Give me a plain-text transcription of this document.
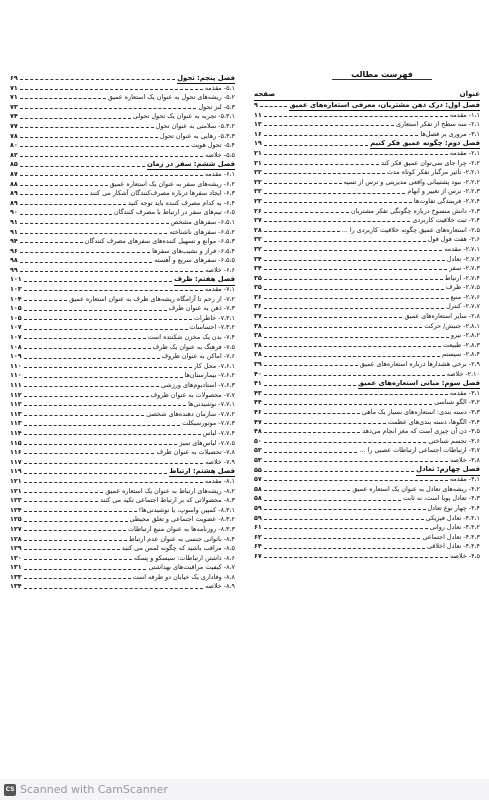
فهرست مطالب
عنوان
صفحه
فصل اول: درک ذهن مشتریان، معرفی استعاره‌های عمیق
۹
۱،۱- مقدمه
۱۱
۲،۱- سه سطح از تفکر استعاری
۱۲
۳،۱- مروری بر فصل‌ها
۱۶
فصل دوم: چگونه عمیق فکر کنیم
۱۹
۲،۱- مقدمه
۲۱
۲،۲- چرا جای سی‌توان عمیق فکر کند
۲۱
۲،۲،۱- تأثیر مرگبار تفکر کوتاه مدت
۲۲
۲،۲،۲- نبود پشتیبانی واقعی مدیریتی و ترس از تسیه
۲۲
۲،۲،۳- ترس از تغییر و ابهام
۲۲
۲،۲،۴- فریبندگی تفاوت‌ها
۲۳
۲،۳- دانش منسوخ درباره چگونگی تفکر مشتریان
۲۶
۲،۴- ثبت خلاقیت کاربردی
۲۷
۲،۵- استعاره‌های عمیق چگونه خلاقیت کاربردی را ...
۲۸
۲،۶- هفت فول فول
۳۲
۲،۷،۱- مقدمه
۳۲
۲،۷،۲- تعادل
۳۴
۲،۷،۳- سفر
۳۴
۲،۷،۴- ارتباط
۳۵
۲،۷،۵- ظرف
۳۵
۲،۷،۶- منبع
۳۶
۲،۷،۷- کنترل
۳۶
۲،۸- سایر استعاره‌های عمیق
۳۷
۲،۸،۱- جنبش/ حرکت
۳۸
۲،۸،۲- نیرو
۳۸
۲،۸،۳- طبیعت
۳۸
۲،۸،۴- سیستم
۳۸
۲،۹- برخی هشدارها درباره استعاره‌های عمیق
۳۹
۲،۱۰- خلاصه
۴۰
فصل سوم: مبانی استعاره‌های عمیق
۴۱
۳،۱- مقدمه
۴۳
۳،۲- الگو شناسی
۴۴
۳،۳- دسته بندی: استعاره‌های بسیار یک ماهی
۴۶
۳،۴- الگوها، دسته بندی‌های عظمت
۴۷
۳،۵- ذن آن چیزی است که مغز انجام می‌دهد
۴۸
۳،۶- تجسم شناختی
۵۰
۳،۷- ارتباطات اجتماعی ارتباطات عصبی را ...
۵۲
۳،۸- خلاصه
۵۳
فصل چهارم: تعادل
۵۵
۴،۱- مقدمه
۵۷
۴،۲- ریشه‌های تعادل به عنوان یک استعاره عمیق
۵۸
۴،۳- تعادل پویا است، نه ثابت
۵۸
۴،۴- چهار نوع تعادل
۵۹
۴،۴،۱- تعادل فیزیکی
۵۹
۴،۴،۲- تعادل روانی
۶۱
۴،۴،۳- تعادل اجتماعی
۶۲
۴،۴،۴- تعادل اخلاقی
۶۴
۴،۵- خلاصه
۶۷
فصل پنجم: تحول
۶۹
۵،۱- مقدمه
۷۱
۵،۲- ریشه‌های تحول به عنوان یک استعاره عمیق
۷۱
۵،۳- لنز تحول
۷۳
۵،۳،۱- تجربه به عنوان یک تحول تحولی
۷۴
۵،۳،۲- سلامتی به عنوان تحول
۷۷
۵،۳،۳- رهایی به عنوان تحول
۷۸
۵،۴- تحول هویت
۸۰
۵،۵- خلاصه
۸۲
فصل ششم: سفر در زمان
۸۵
۶،۱- مقدمه
۸۷
۶،۲- ریشه‌های سفر به عنوان یک استعاره عمیق
۸۸
۶،۳- ایجاد سفرها درباره مصرف‌کنندگان آشکار می کنند
۸۹
۶،۴- به کدام مصرف کننده باید توجه کنید
۸۹
۶،۵- تیم‌های سفر در ارتباط با مصرف کنندگان
۹۰
۶،۵،۱- سفرهای مشخص
۹۱
۶،۵،۲- سفرهای ناشناخته
۹۱
۶،۵،۳- موانع و تسهیل کننده‌های سفرهای مصرف کنندگان
۹۴
۶،۵،۴- فراز و نشیب‌های سفرها
۹۶
۶،۵،۵- سفرهای سریع و آهسته
۹۸
۶،۶- خلاصه
۹۹
فصل هفتم: ظرف
۱۰۱
۷،۱- مقدمه
۱۰۳
۷،۲- از رحم تا آرامگاه ریشه‌های ظرف به عنوان استعاره عمیق
۱۰۴
۷،۳- ذهن به عنوان ظرف
۱۰۵
۷،۳،۱- خاطرات
۱۰۵
۷،۳،۲- احساسات
۱۰۷
۷،۴- بدن یک مخزن شکننده است
۱۰۷
۷،۵- فرهنگ به عنوان یک ظرف
۱۰۸
۷،۶- اماکن به عنوان ظروف
۱۰۹
۷،۶،۱- محل کار
۱۱۰
۷،۶،۲- بیمارستان‌ها
۱۱۰
۷،۶،۳- استادیوم‌های ورزشی
۱۱۱
۷،۷- محصولات به عنوان ظروف
۱۱۲
۷،۷،۱- نوشیدنی‌ها
۱۱۲
۷،۷،۲- سازمان دهنده‌های شخصی
۱۱۳
۷،۷،۳- موتورسیکلت
۱۱۳
۷،۷،۴- لباس
۱۱۴
۷،۷،۵- لباس‌های تمیز
۱۱۵
۷،۸- تحصیلات به عنوان ظرف
۱۱۶
۷،۹- خلاصه
۱۱۷
فصل هشتم: ارتباط
۱۱۹
۸،۱- مقدمه
۱۲۱
۸،۲- ریشه‌های ارتباط به عنوان یک استعاره عمیق
۱۲۱
۸،۳- محصولاتی که بر ارتباط اجتماعی تکیه می کنند
۱۲۲
۸،۳،۱- کمپین واسوپ، یا نوشیدنی‌ها!
۱۲۴
۸،۳،۲- عضویت اجتماعی و تعلق محیطی
۱۲۵
۸،۳،۳- روزنامه‌ها به عنوان منبع ارتباطات
۱۲۷
۸،۴- ناتوانی جنسی به عنوان عدم ارتباط
۱۲۸
۸،۵- مراقب باشید که چگونه لمس می کنید
۱۲۹
۸،۶- داشتن ارتباطات: سیسکو و پسکه
۱۳۰
۸،۷- کیفیت مراقبت‌های بهداشتی
۱۳۱
۸،۸- وفاداری یک خیابان دو طرفه است
۱۳۳
۸،۹- خلاصه
۱۳۴
CS Scanned with CamScanner
